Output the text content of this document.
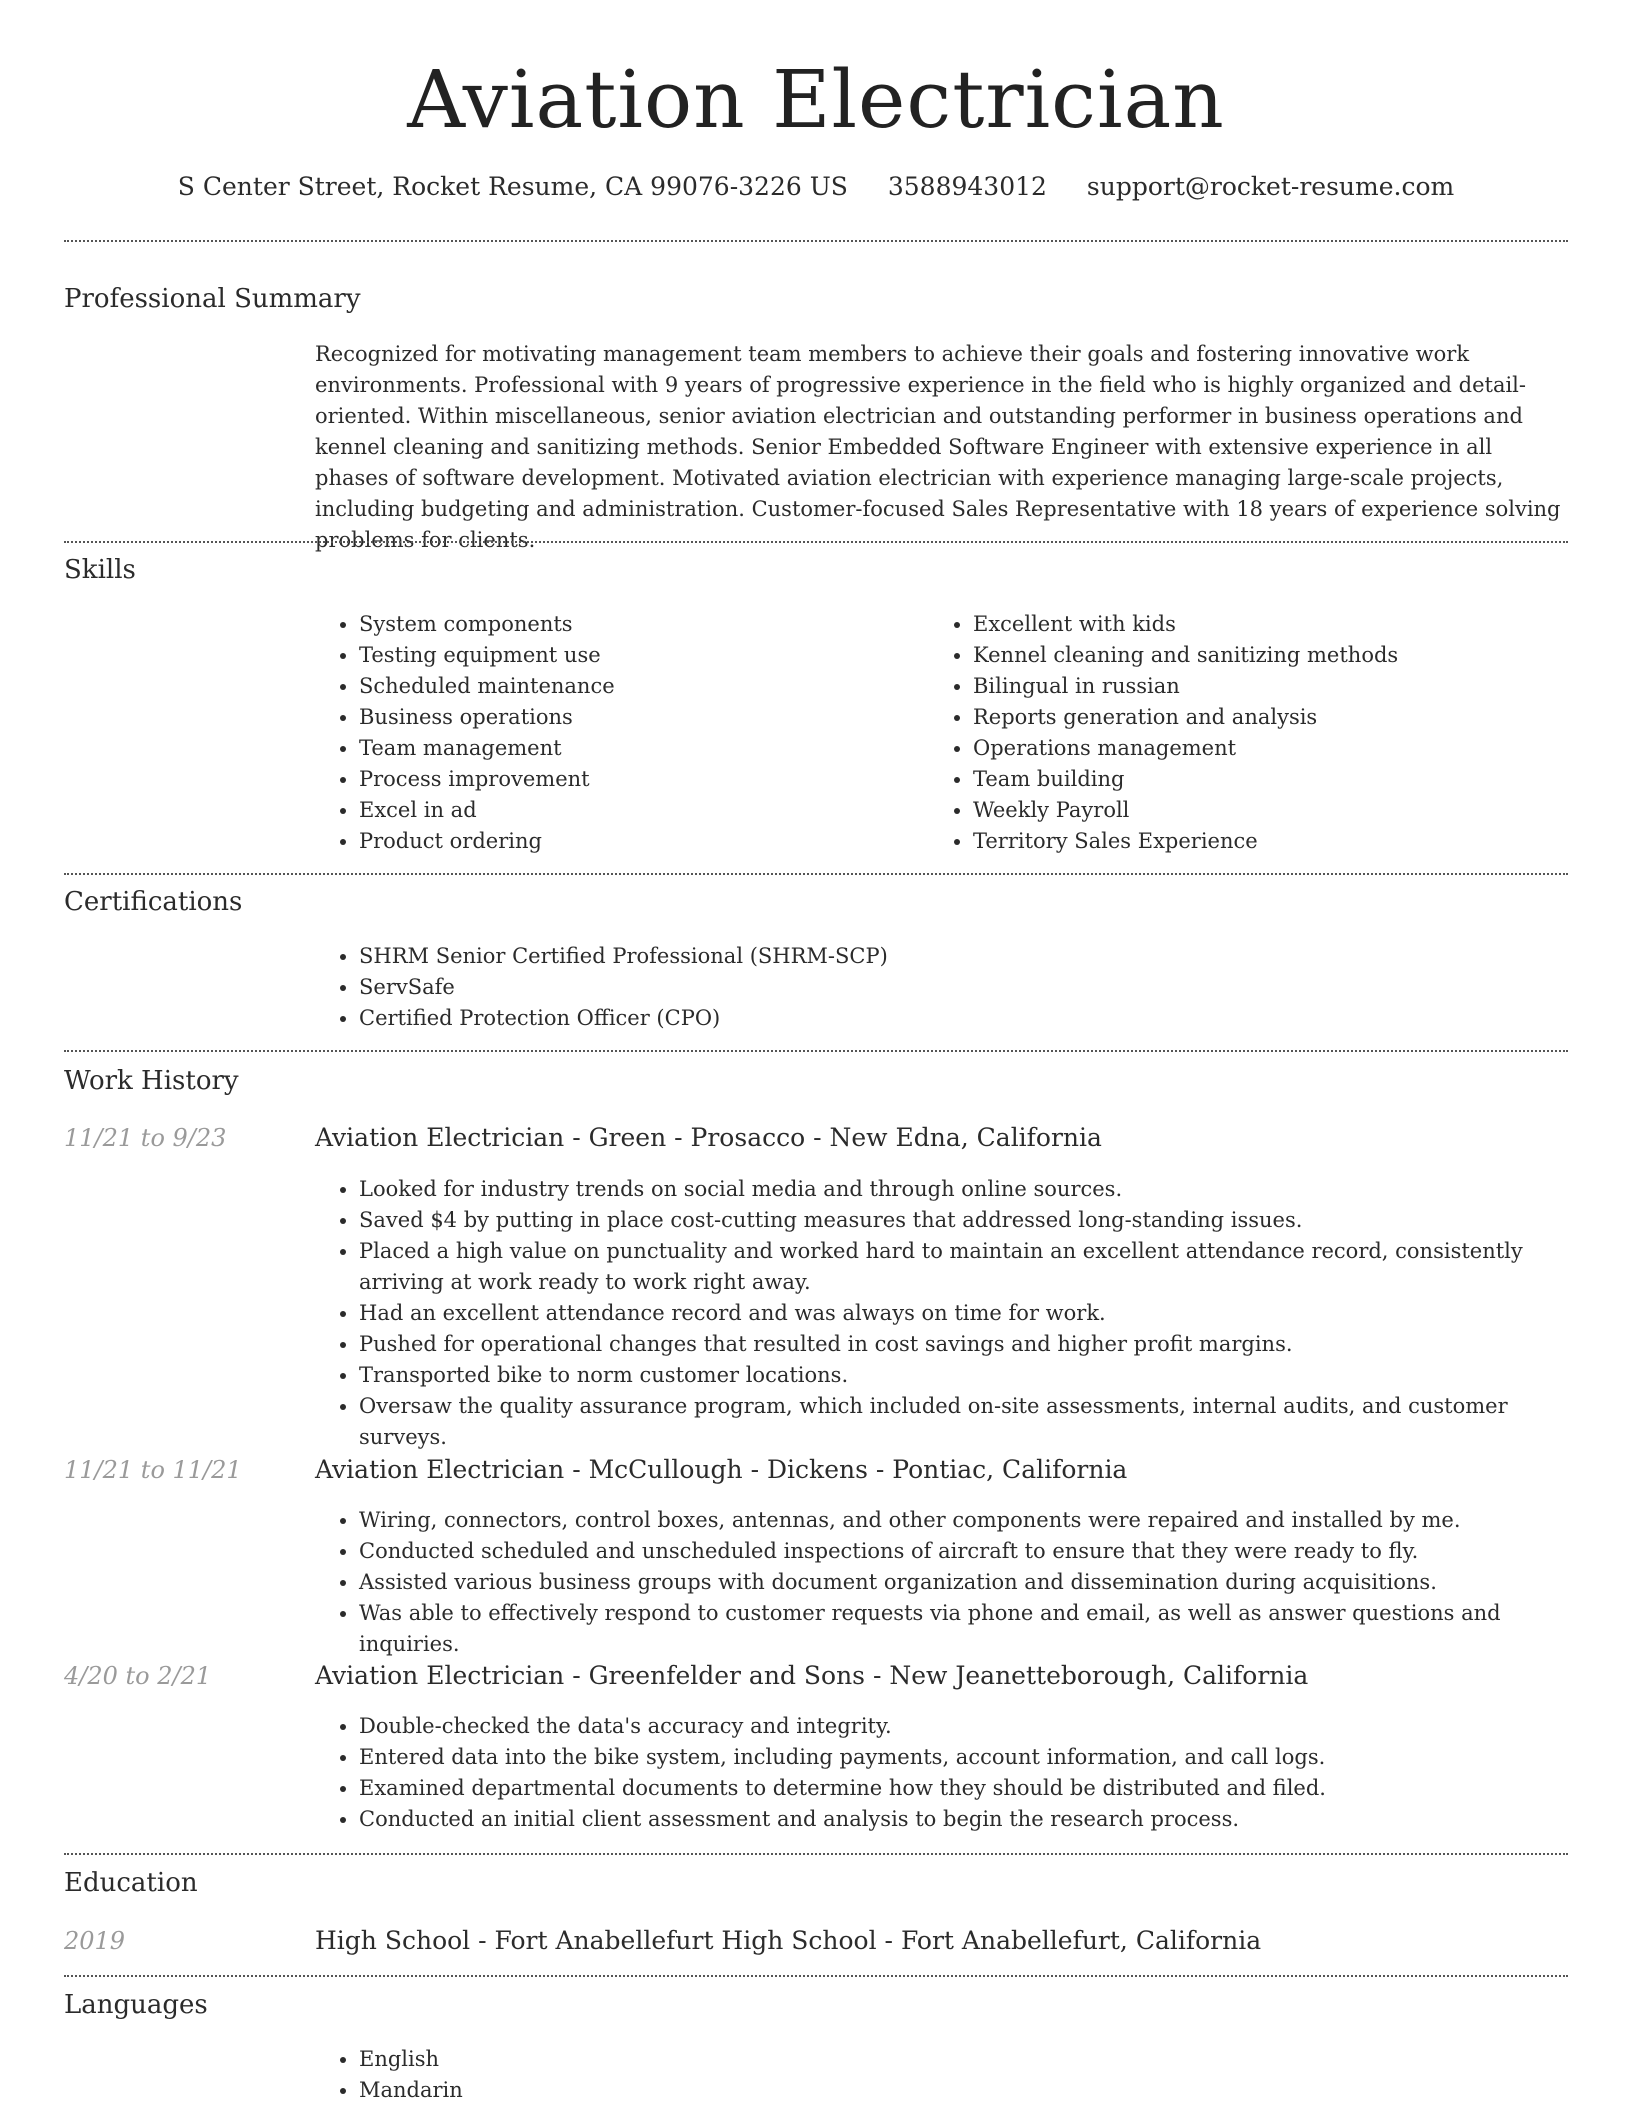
Aviation Electrician
S Center Street, Rocket Resume, CA 99076-3226 US 3588943012 support@rocket-resume.com
Professional Summary
Recognized for motivating management team members to achieve their goals and fostering innovative work environments. Professional with 9 years of progressive experience in the field who is highly organized and detail-oriented. Within miscellaneous, senior aviation electrician and outstanding performer in business operations and kennel cleaning and sanitizing methods. Senior Embedded Software Engineer with extensive experience in all phases of software development. Motivated aviation electrician with experience managing large-scale projects, including budgeting and administration. Customer-focused Sales Representative with 18 years of experience solving problems for clients.
Skills
• System components
• Testing equipment use
• Scheduled maintenance
• Business operations
• Team management
• Process improvement
• Excel in ad
• Product ordering
• Excellent with kids
• Kennel cleaning and sanitizing methods
• Bilingual in russian
• Reports generation and analysis
• Operations management
• Team building
• Weekly Payroll
• Territory Sales Experience
Certifications
• SHRM Senior Certified Professional (SHRM-SCP)
• ServSafe
• Certified Protection Officer (CPO)
Work History
11/21 to 9/23	Aviation Electrician - Green - Prosacco - New Edna, California
• Looked for industry trends on social media and through online sources.
• Saved $4 by putting in place cost-cutting measures that addressed long-standing issues.
• Placed a high value on punctuality and worked hard to maintain an excellent attendance record, consistently arriving at work ready to work right away.
• Had an excellent attendance record and was always on time for work.
• Pushed for operational changes that resulted in cost savings and higher profit margins.
• Transported bike to norm customer locations.
• Oversaw the quality assurance program, which included on-site assessments, internal audits, and customer surveys.
11/21 to 11/21	Aviation Electrician - McCullough - Dickens - Pontiac, California
• Wiring, connectors, control boxes, antennas, and other components were repaired and installed by me.
• Conducted scheduled and unscheduled inspections of aircraft to ensure that they were ready to fly.
• Assisted various business groups with document organization and dissemination during acquisitions.
• Was able to effectively respond to customer requests via phone and email, as well as answer questions and inquiries.
4/20 to 2/21	Aviation Electrician - Greenfelder and Sons - New Jeanetteborough, California
• Double-checked the data's accuracy and integrity.
• Entered data into the bike system, including payments, account information, and call logs.
• Examined departmental documents to determine how they should be distributed and filed.
• Conducted an initial client assessment and analysis to begin the research process.
Education
2019	High School - Fort Anabellefurt High School - Fort Anabellefurt, California
Languages
• English
• Mandarin
